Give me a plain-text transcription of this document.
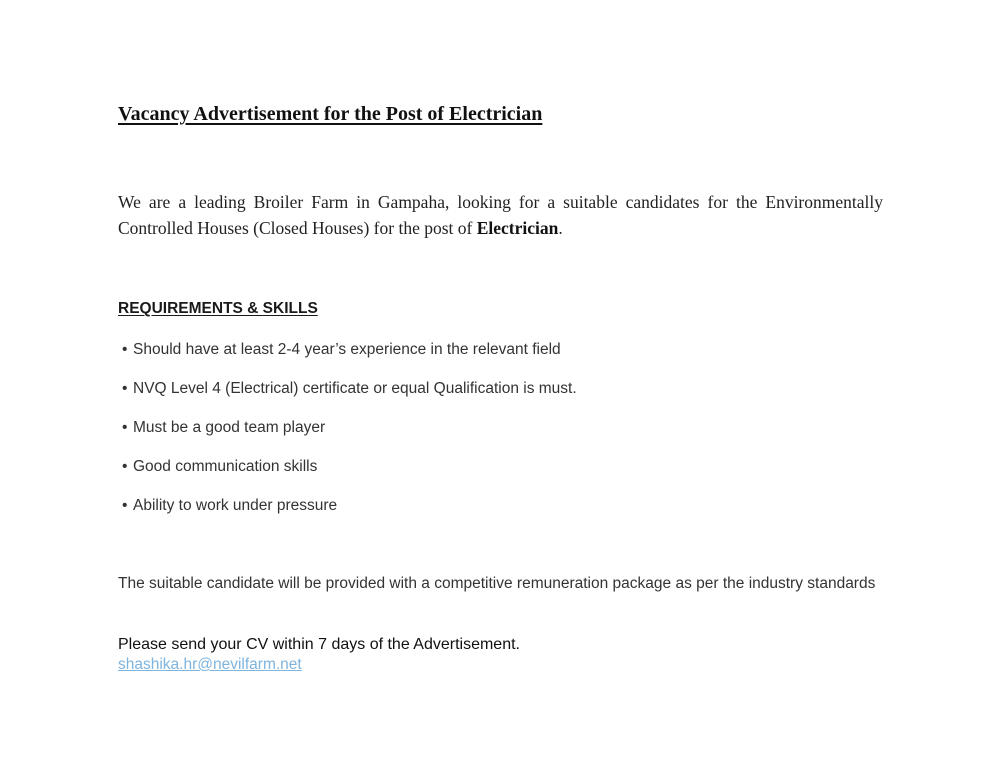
Vacancy Advertisement for the Post of Electrician

We are a leading Broiler Farm in Gampaha, looking for a suitable candidates for the Environmentally Controlled Houses (Closed Houses) for the post of Electrician.

REQUIREMENTS & SKILLS
• Should have at least 2-4 year’s experience in the relevant field
• NVQ Level 4 (Electrical) certificate or equal Qualification is must.
• Must be a good team player
• Good communication skills
• Ability to work under pressure

The suitable candidate will be provided with a competitive remuneration package as per the industry standards

Please send your CV within 7 days of the Advertisement.

shashika.hr@nevilfarm.net
